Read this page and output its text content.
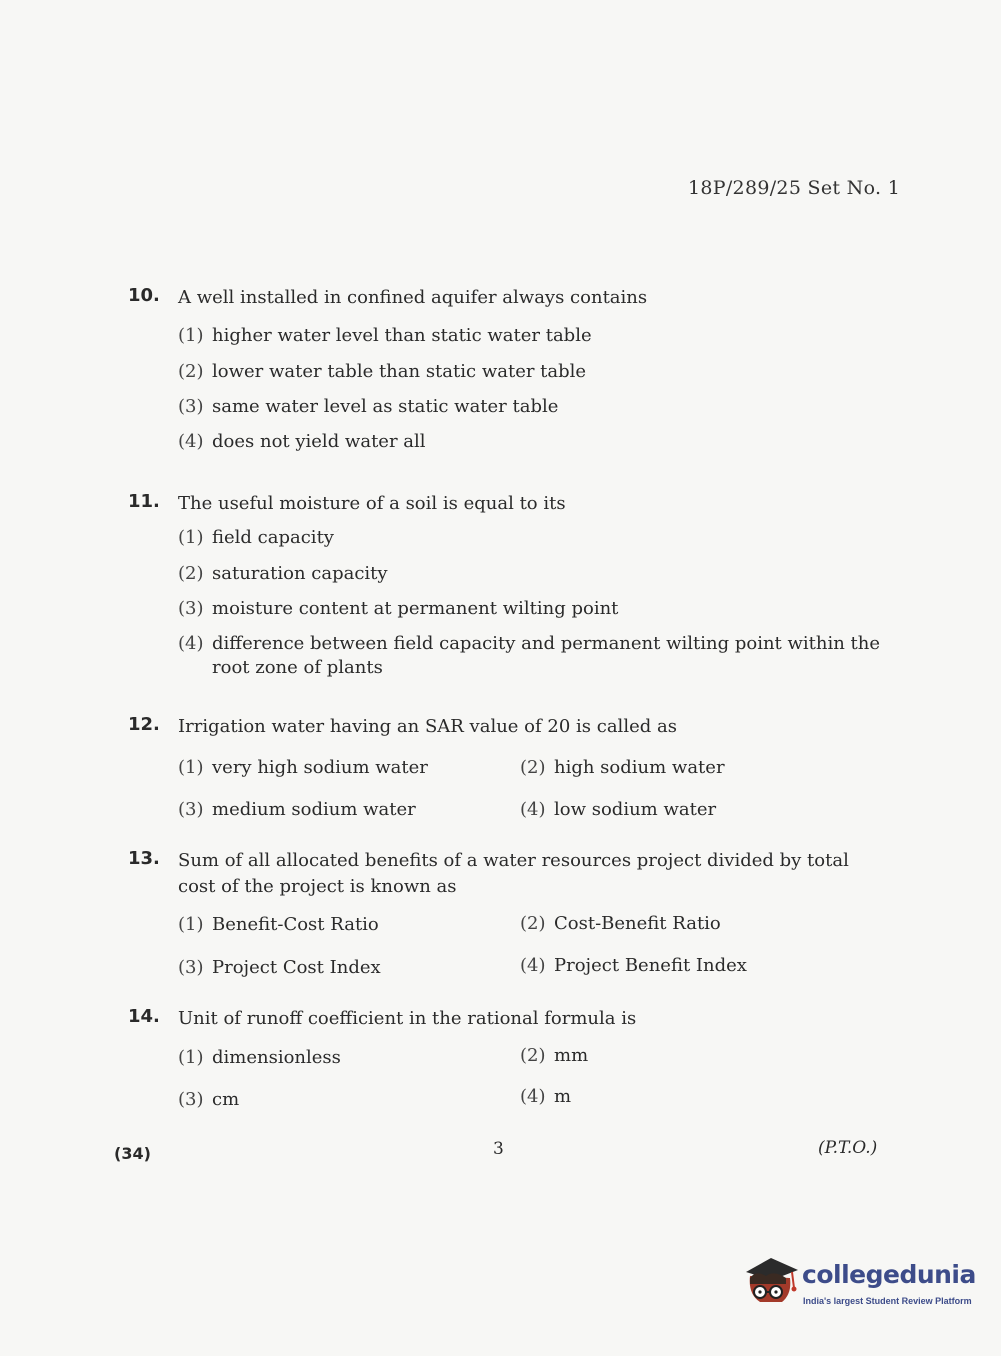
18P/289/25 Set No. 1
10. A well installed in confined aquifer always contains
(1) higher water level than static water table
(2) lower water table than static water table
(3) same water level as static water table
(4) does not yield water all
11. The useful moisture of a soil is equal to its
(1) field capacity
(2) saturation capacity
(3) moisture content at permanent wilting point
(4) difference between field capacity and permanent wilting point within the root zone of plants
12. Irrigation water having an SAR value of 20 is called as
(1) very high sodium water	(2) high sodium water
(3) medium sodium water	(4) low sodium water
13. Sum of all allocated benefits of a water resources project divided by total cost of the project is known as
(1) Benefit-Cost Ratio	(2) Cost-Benefit Ratio
(3) Project Cost Index	(4) Project Benefit Index
14. Unit of runoff coefficient in the rational formula is
(1) dimensionless	(2) mm
(3) cm	(4) m
(34)	3	(P.T.O.)
collegedunia
India's largest Student Review Platform
